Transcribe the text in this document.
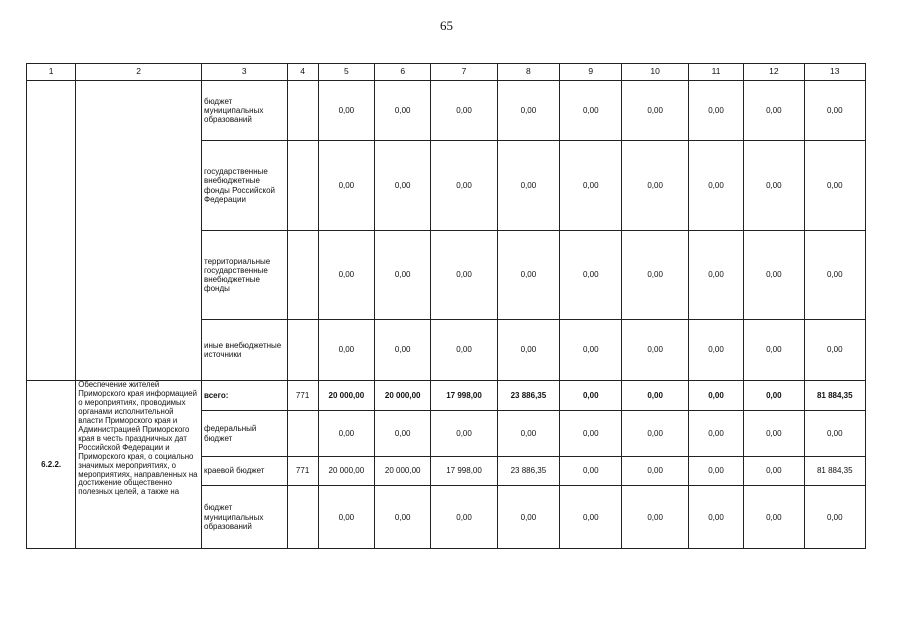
65
1	2	3	4	5	6	7	8	9	10	11	12	13
		бюджет муниципальных образований		0,00	0,00	0,00	0,00	0,00	0,00	0,00	0,00	0,00
		государственные внебюджетные фонды Российской Федерации		0,00	0,00	0,00	0,00	0,00	0,00	0,00	0,00	0,00
		территориальные государственные внебюджетные фонды		0,00	0,00	0,00	0,00	0,00	0,00	0,00	0,00	0,00
		иные внебюджетные источники		0,00	0,00	0,00	0,00	0,00	0,00	0,00	0,00	0,00
6.2.2.	Обеспечение жителей Приморского края информацией о мероприятиях, проводимых органами исполнительной власти Приморского края и Администрацией Приморского края в честь праздничных дат Российской Федерации и Приморского края, о социально значимых мероприятиях, о мероприятиях, направленных на достижение общественно полезных целей, а также на	всего:	771	20 000,00	20 000,00	17 998,00	23 886,35	0,00	0,00	0,00	0,00	81 884,35
		федеральный бюджет		0,00	0,00	0,00	0,00	0,00	0,00	0,00	0,00	0,00
		краевой бюджет	771	20 000,00	20 000,00	17 998,00	23 886,35	0,00	0,00	0,00	0,00	81 884,35
		бюджет муниципальных образований		0,00	0,00	0,00	0,00	0,00	0,00	0,00	0,00	0,00
